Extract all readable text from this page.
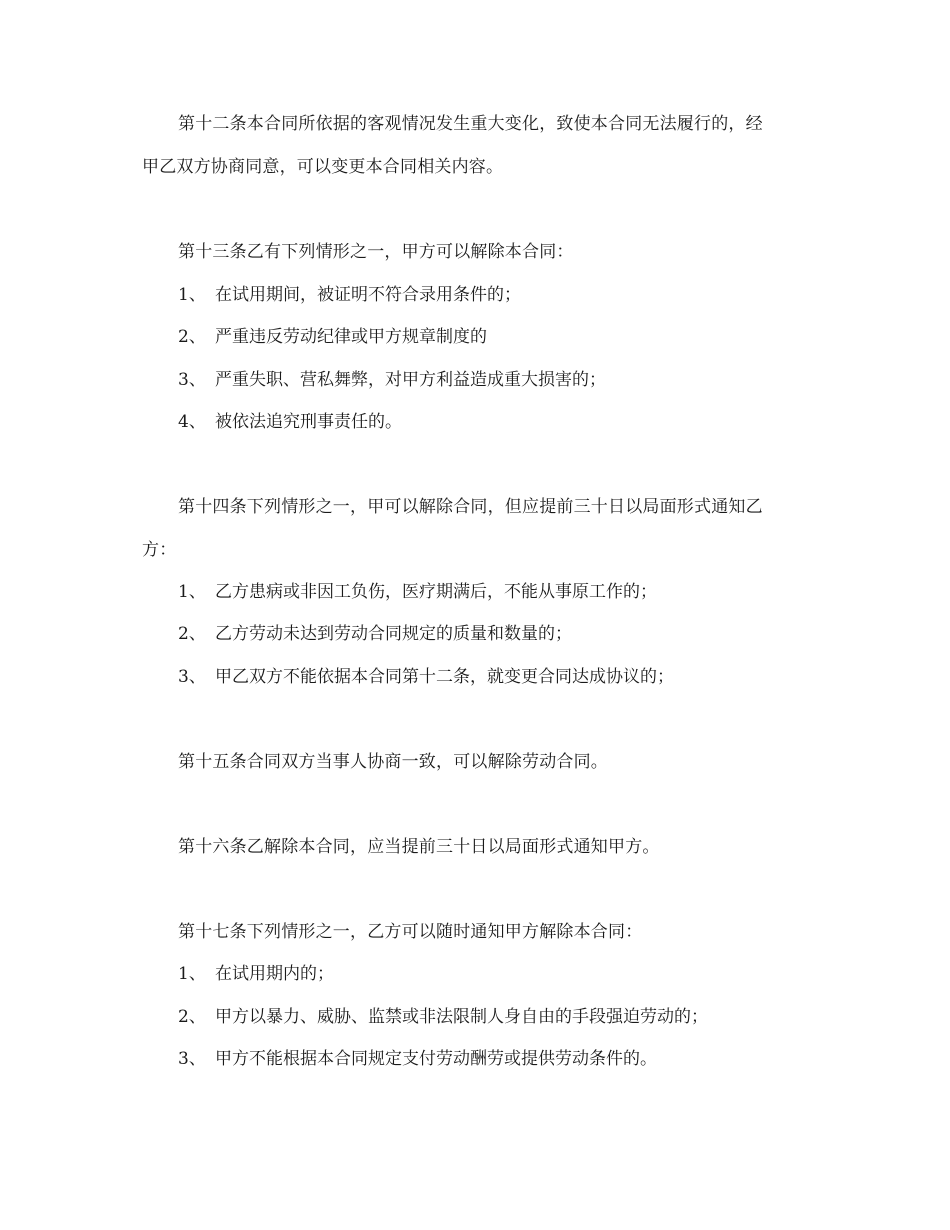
第十二条本合同所依据的客观情况发生重大变化，致使本合同无法履行的，经
甲乙双方协商同意，可以变更本合同相关内容。
第十三条乙有下列情形之一，甲方可以解除本合同：
1、 在试用期间，被证明不符合录用条件的；
2、 严重违反劳动纪律或甲方规章制度的
3、 严重失职、营私舞弊，对甲方利益造成重大损害的；
4、 被依法追究刑事责任的。
第十四条下列情形之一，甲可以解除合同，但应提前三十日以局面形式通知乙
方：
1、 乙方患病或非因工负伤，医疗期满后，不能从事原工作的；
2、 乙方劳动未达到劳动合同规定的质量和数量的；
3、 甲乙双方不能依据本合同第十二条，就变更合同达成协议的；
第十五条合同双方当事人协商一致，可以解除劳动合同。
第十六条乙解除本合同，应当提前三十日以局面形式通知甲方。
第十七条下列情形之一，乙方可以随时通知甲方解除本合同：
1、 在试用期内的；
2、 甲方以暴力、威胁、监禁或非法限制人身自由的手段强迫劳动的；
3、 甲方不能根据本合同规定支付劳动酬劳或提供劳动条件的。
